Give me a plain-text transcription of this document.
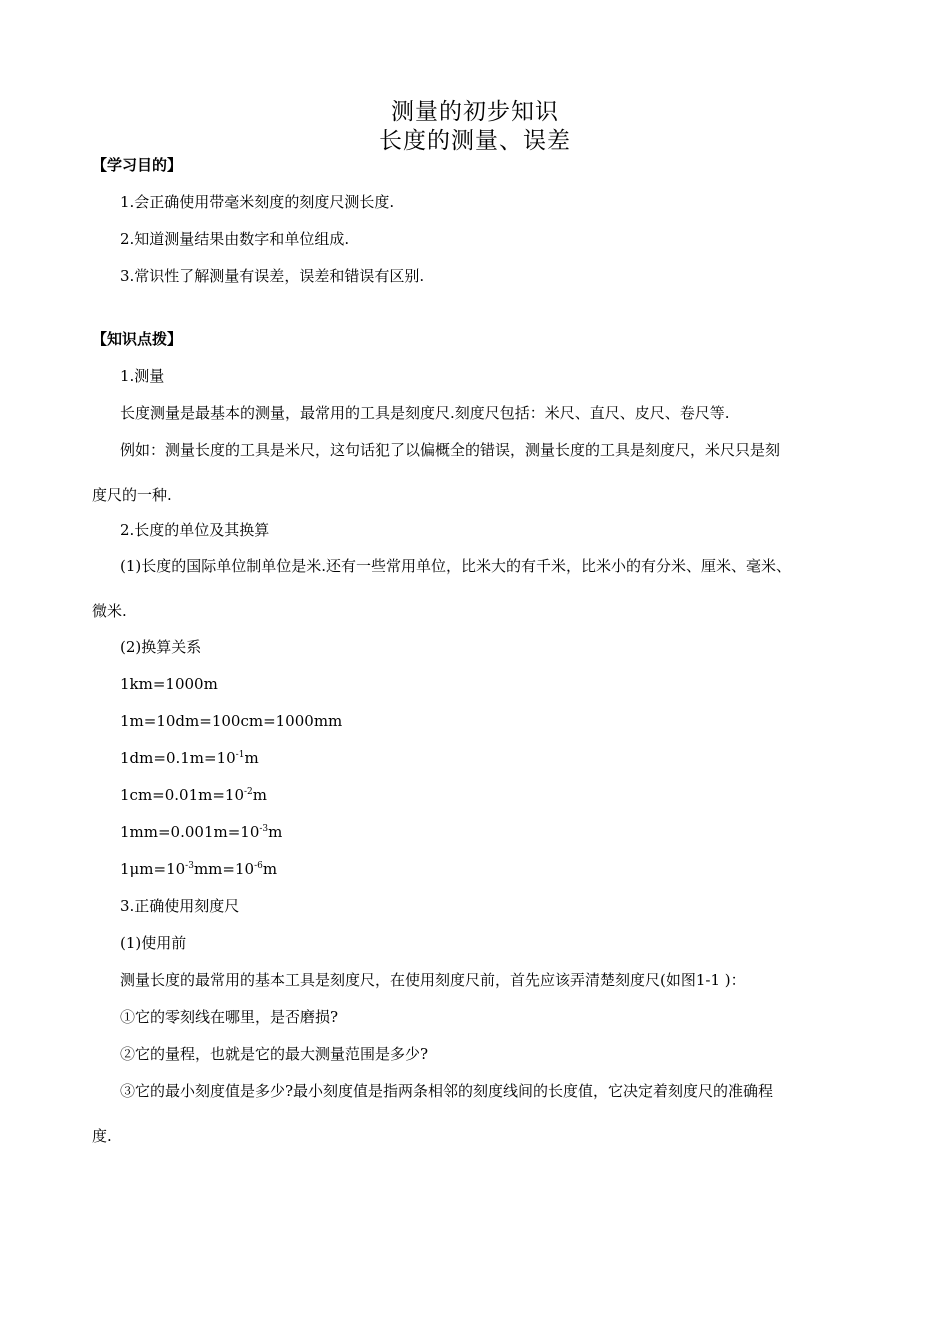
测量的初步知识
长度的测量、误差
【学习目的】
1.会正确使用带毫米刻度的刻度尺测长度.
2.知道测量结果由数字和单位组成.
3.常识性了解测量有误差，误差和错误有区别.
【知识点拨】
1.测量
长度测量是最基本的测量，最常用的工具是刻度尺.刻度尺包括：米尺、直尺、皮尺、卷尺等.
例如：测量长度的工具是米尺，这句话犯了以偏概全的错误，测量长度的工具是刻度尺，米尺只是刻
度尺的一种.
2.长度的单位及其换算
(1)长度的国际单位制单位是米.还有一些常用单位，比米大的有千米，比米小的有分米、厘米、毫米、
微米.
(2)换算关系
1km=1000m
1m=10dm=100cm=1000mm
$1dm=0.1m=10^{-1}m$
$1cm=0.01m=10^{-2}m$
$1mm=0.001m=10^{-3}m$
$1\mu m=10^{-3}mm=10^{-6}m$
3.正确使用刻度尺
(1)使用前
测量长度的最常用的基本工具是刻度尺，在使用刻度尺前，首先应该弄清楚刻度尺(如图1-1 )：
①它的零刻线在哪里，是否磨损?
②它的量程，也就是它的最大测量范围是多少?
③它的最小刻度值是多少?最小刻度值是指两条相邻的刻度线间的长度值，它决定着刻度尺的准确程
度.
